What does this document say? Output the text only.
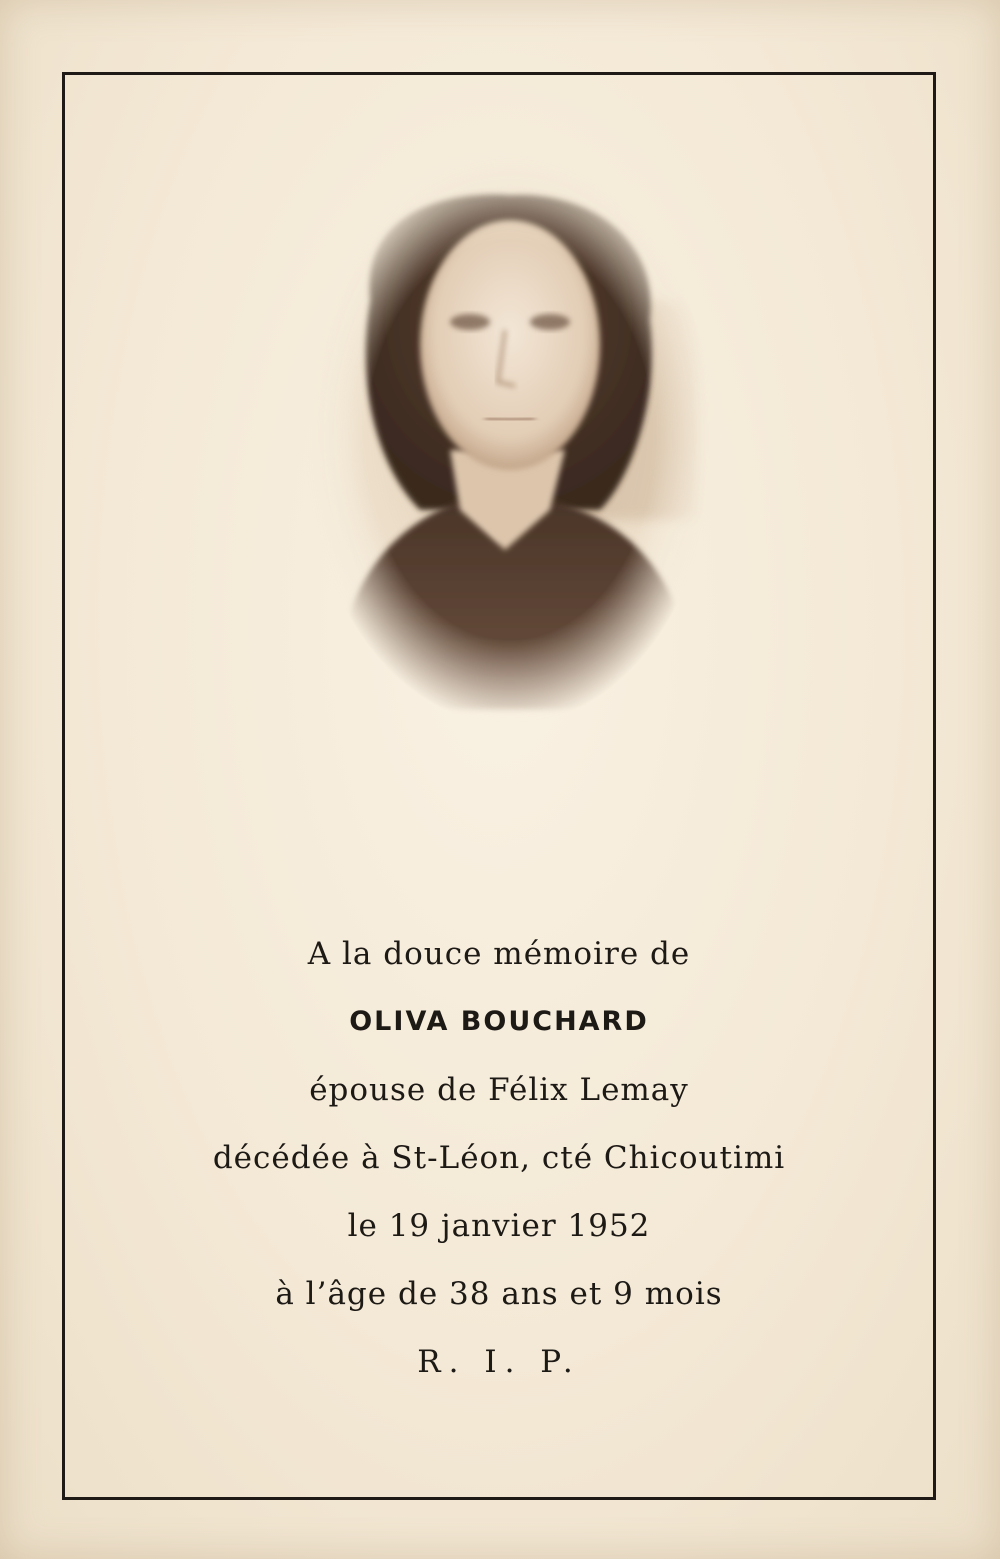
A la douce mémoire de
OLIVA BOUCHARD
épouse de Félix Lemay
décédée à St-Léon, cté Chicoutimi
le 19 janvier 1952
à l’âge de 38 ans et 9 mois
R. I. P.
